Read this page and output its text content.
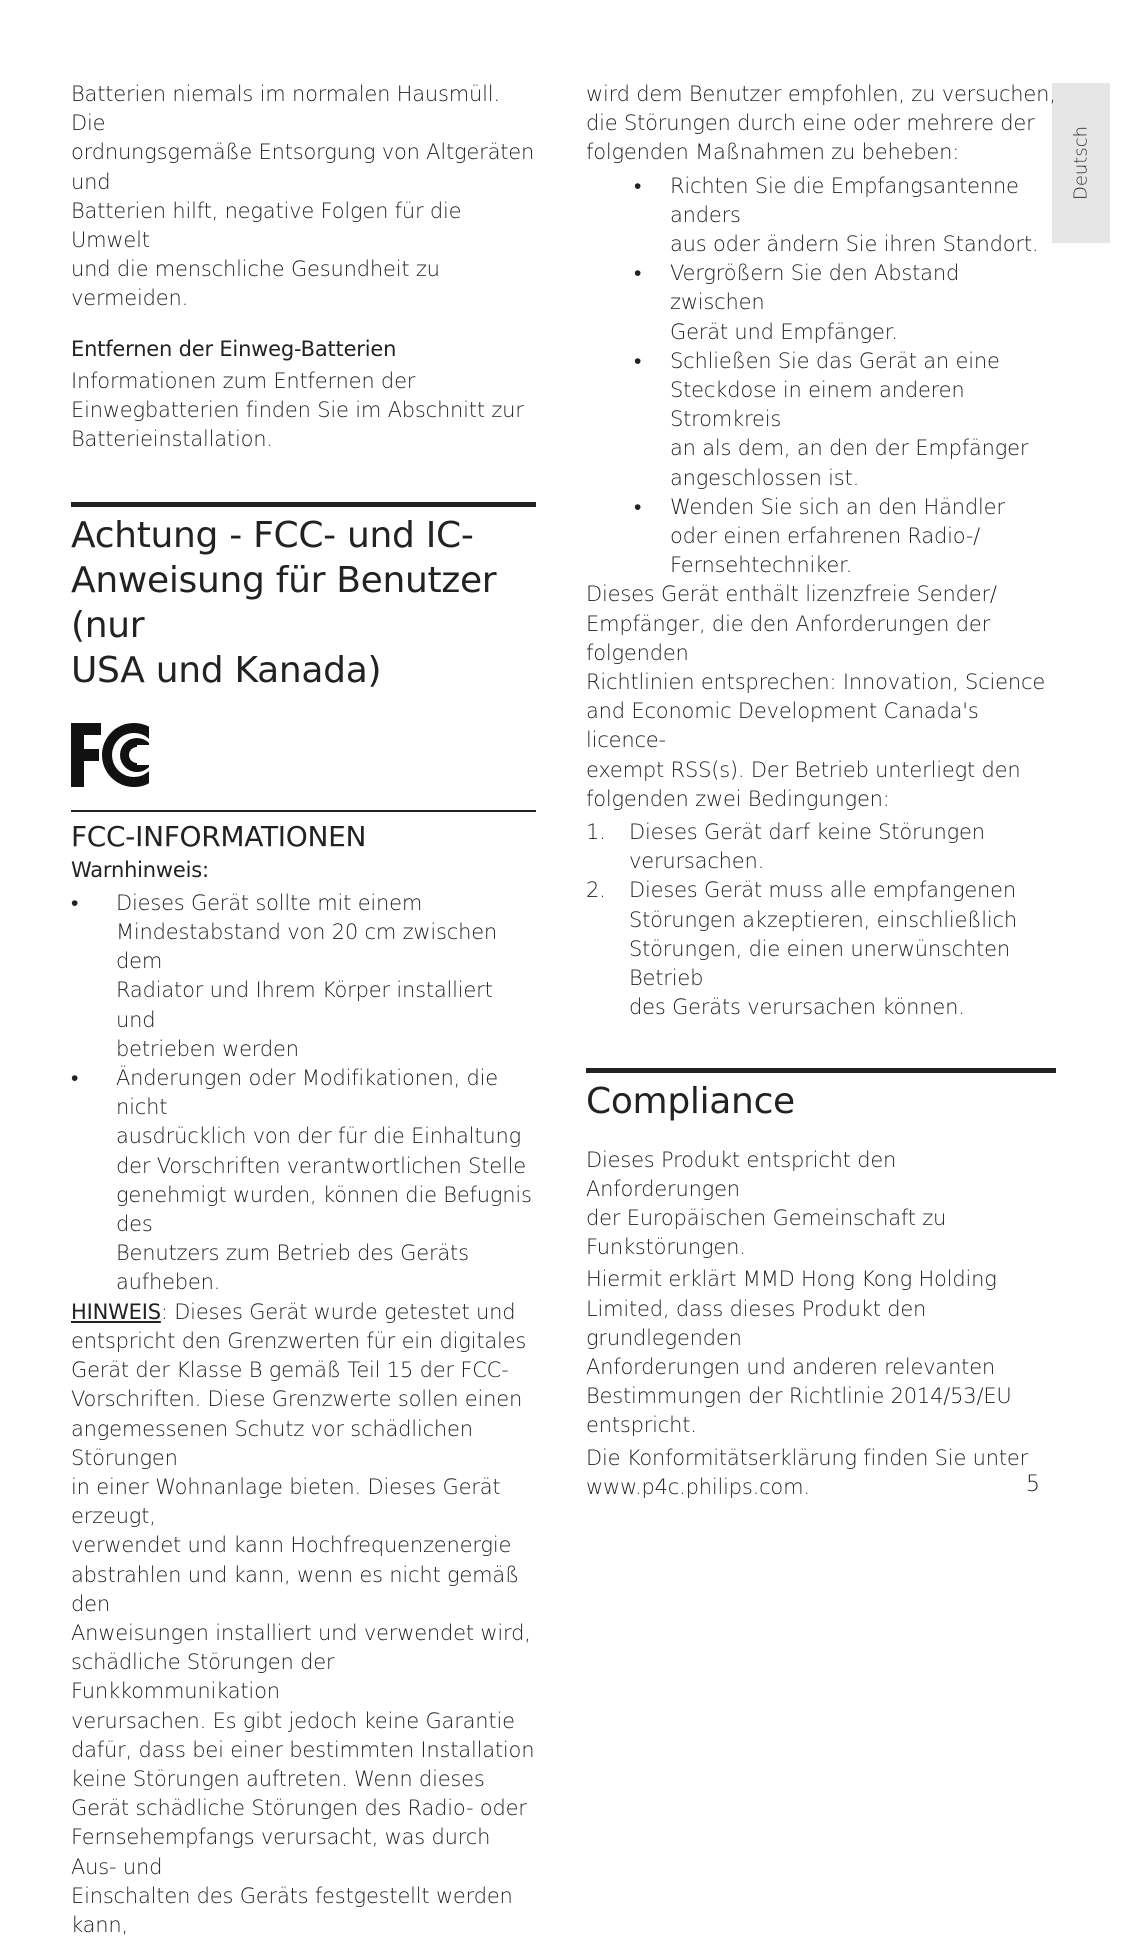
Deutsch

Batterien niemals im normalen Hausmüll. Die
ordnungsgemäße Entsorgung von Altgeräten und
Batterien hilft, negative Folgen für die Umwelt
und die menschliche Gesundheit zu vermeiden.

Entfernen der Einweg-Batterien

Informationen zum Entfernen der
Einwegbatterien finden Sie im Abschnitt zur
Batterieinstallation.

Achtung - FCC- und IC-
Anweisung für Benutzer (nur
USA und Kanada)
FCC-INFORMATIONEN

Warnhinweis:

• Dieses Gerät sollte mit einem
Mindestabstand von 20 cm zwischen dem
Radiator und Ihrem Körper installiert und
betrieben werden
• Änderungen oder Modifikationen, die nicht
ausdrücklich von der für die Einhaltung
der Vorschriften verantwortlichen Stelle
genehmigt wurden, können die Befugnis des
Benutzers zum Betrieb des Geräts aufheben.

HINWEIS: Dieses Gerät wurde getestet und
entspricht den Grenzwerten für ein digitales
Gerät der Klasse B gemäß Teil 15 der FCC-
Vorschriften. Diese Grenzwerte sollen einen
angemessenen Schutz vor schädlichen Störungen
in einer Wohnanlage bieten. Dieses Gerät erzeugt,
verwendet und kann Hochfrequenzenergie
abstrahlen und kann, wenn es nicht gemäß den
Anweisungen installiert und verwendet wird,
schädliche Störungen der Funkkommunikation
verursachen. Es gibt jedoch keine Garantie
dafür, dass bei einer bestimmten Installation
keine Störungen auftreten. Wenn dieses
Gerät schädliche Störungen des Radio- oder
Fernsehempfangs verursacht, was durch Aus- und
Einschalten des Geräts festgestellt werden kann,

wird dem Benutzer empfohlen, zu versuchen,
die Störungen durch eine oder mehrere der
folgenden Maßnahmen zu beheben:

• Richten Sie die Empfangsantenne anders
aus oder ändern Sie ihren Standort.
• Vergrößern Sie den Abstand zwischen
Gerät und Empfänger.
• Schließen Sie das Gerät an eine
Steckdose in einem anderen Stromkreis
an als dem, an den der Empfänger
angeschlossen ist.
• Wenden Sie sich an den Händler
oder einen erfahrenen Radio-/
Fernsehtechniker.

Dieses Gerät enthält lizenzfreie Sender/
Empfänger, die den Anforderungen der folgenden
Richtlinien entsprechen: Innovation, Science
and Economic Development Canada's licence-
exempt RSS(s). Der Betrieb unterliegt den
folgenden zwei Bedingungen:

1. Dieses Gerät darf keine Störungen
verursachen.
2. Dieses Gerät muss alle empfangenen
Störungen akzeptieren, einschließlich
Störungen, die einen unerwünschten Betrieb
des Geräts verursachen können.
Compliance

Dieses Produkt entspricht den Anforderungen
der Europäischen Gemeinschaft zu
Funkstörungen.

Hiermit erklärt MMD Hong Kong Holding
Limited, dass dieses Produkt den grundlegenden
Anforderungen und anderen relevanten
Bestimmungen der Richtlinie 2014/53/EU
entspricht.

Die Konformitätserklärung finden Sie unter
www.p4c.philips.com.	5
